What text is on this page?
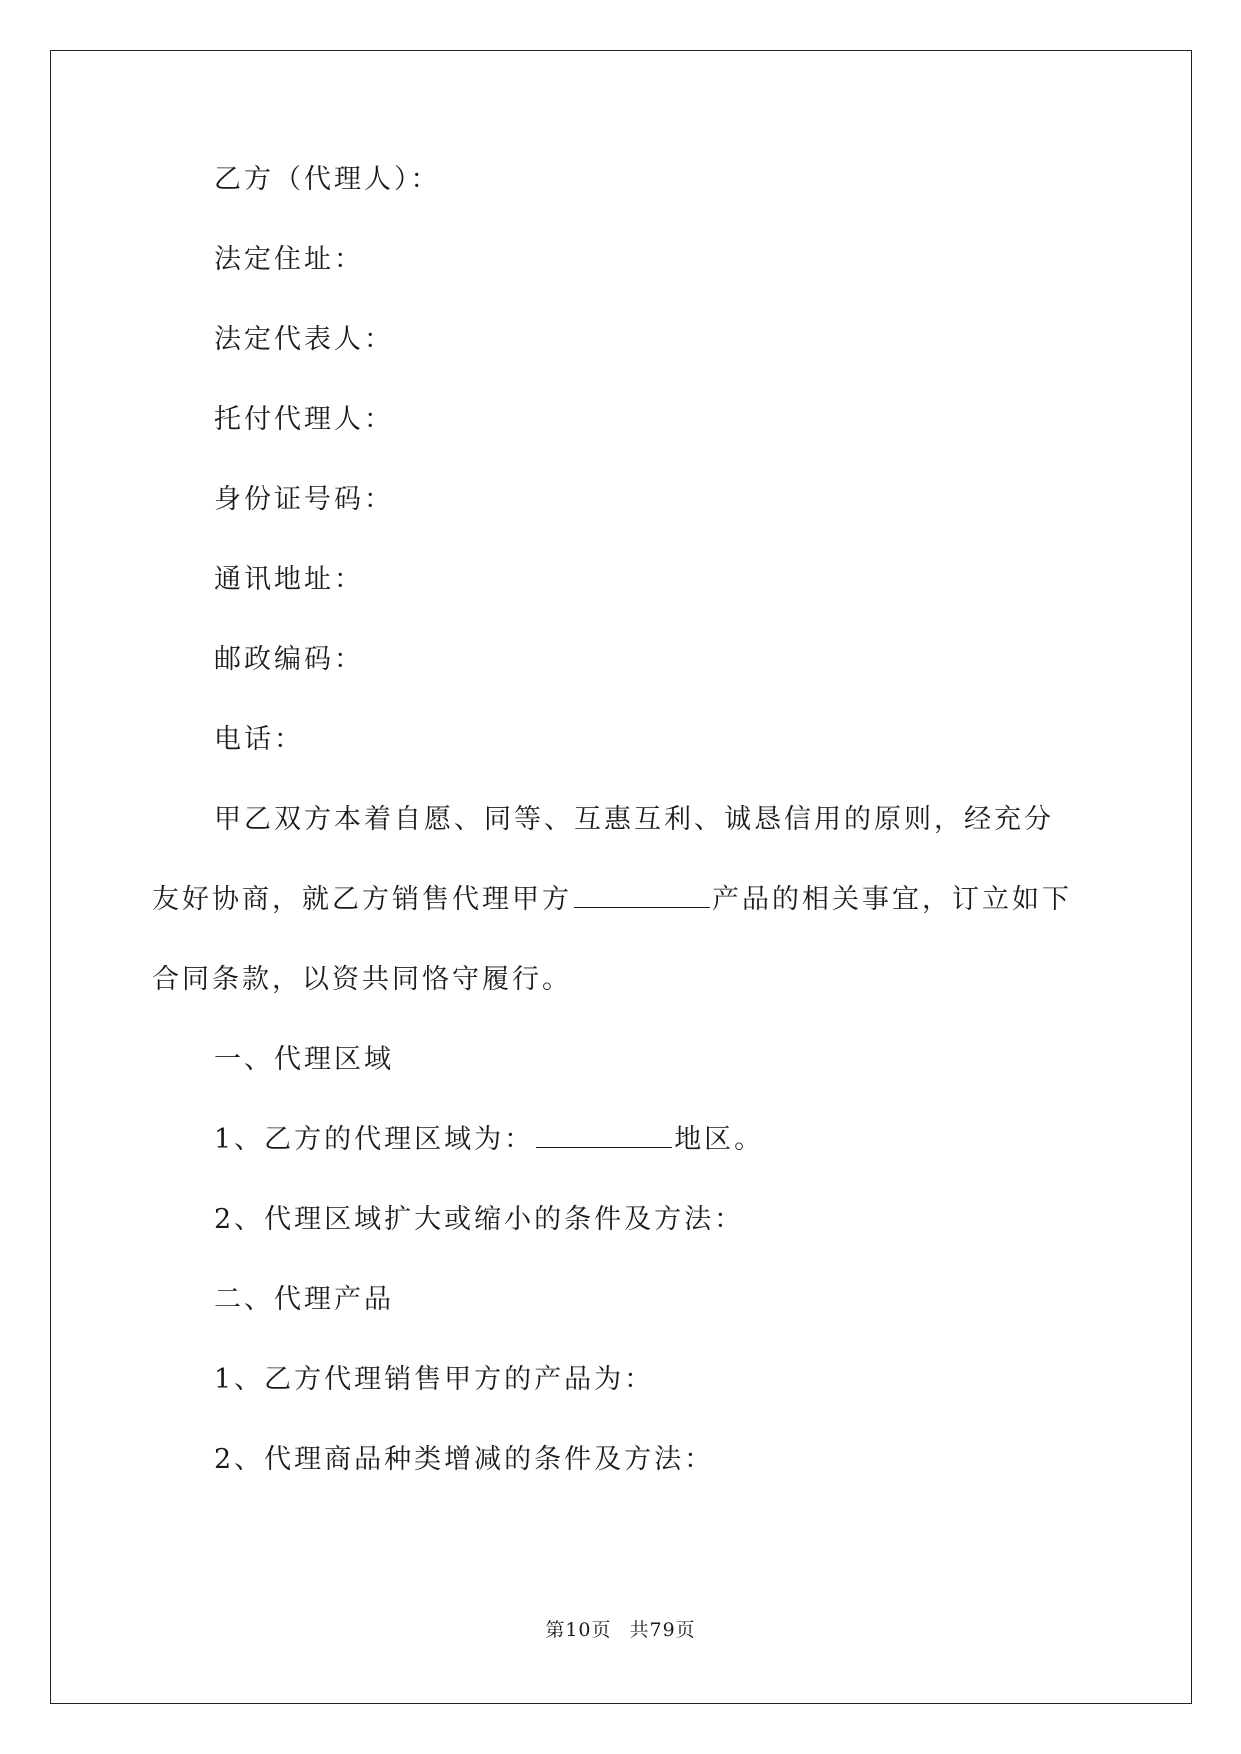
乙方（代理人）：

法定住址：

法定代表人：

托付代理人：

身份证号码：

通讯地址：

邮政编码：

电话：

甲乙双方本着自愿、同等、互惠互利、诚恳信用的原则，经充分
友好协商，就乙方销售代理甲方	产品的相关事宜，订立如下
合同条款，以资共同恪守履行。

一、代理区域

1、乙方的代理区域为：	地区。

2、代理区域扩大或缩小的条件及方法：

二、代理产品

1、乙方代理销售甲方的产品为：

2、代理商品种类增减的条件及方法：

第10页 共79页
